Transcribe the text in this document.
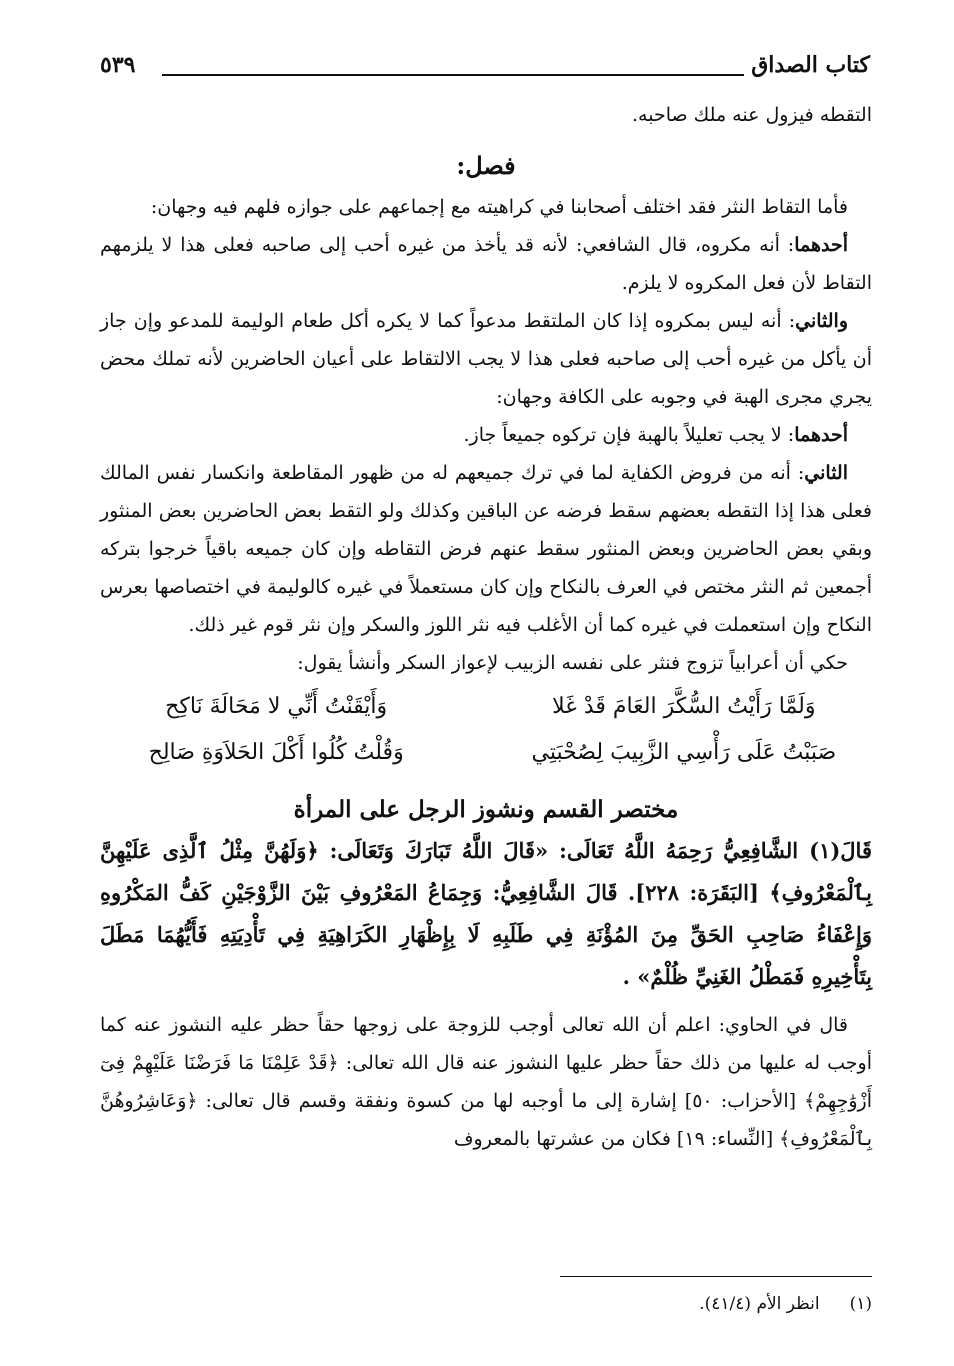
كتاب الصداق
٥٣٩

التقطه فيزول عنه ملك صاحبه.

فصل:

فأما التقاط النثر فقد اختلف أصحابنا في كراهيته مع إجماعهم على جوازه فلهم فيه وجهان:

أحدهما: أنه مكروه، قال الشافعي: لأنه قد يأخذ من غيره أحب إلى صاحبه فعلى هذا لا يلزمهم التقاط لأن فعل المكروه لا يلزم.

والثاني: أنه ليس بمكروه إذا كان الملتقط مدعواً كما لا يكره أكل طعام الوليمة للمدعو وإن جاز أن يأكل من غيره أحب إلى صاحبه فعلى هذا لا يجب الالتقاط على أعيان الحاضرين لأنه تملك محض يجري مجرى الهبة في وجوبه على الكافة وجهان:

أحدهما: لا يجب تعليلاً بالهبة فإن تركوه جميعاً جاز.

الثاني: أنه من فروض الكفاية لما في ترك جميعهم له من ظهور المقاطعة وانكسار نفس المالك فعلى هذا إذا التقطه بعضهم سقط فرضه عن الباقين وكذلك ولو التقط بعض الحاضرين بعض المنثور وبقي بعض الحاضرين وبعض المنثور سقط عنهم فرض التقاطه وإن كان جميعه باقياً خرجوا بتركه أجمعين ثم النثر مختص في العرف بالنكاح وإن كان مستعملاً في غيره كالوليمة في اختصاصها بعرس النكاح وإن استعملت في غيره كما أن الأغلب فيه نثر اللوز والسكر وإن نثر قوم غير ذلك.

حكي أن أعرابياً تزوج فنثر على نفسه الزبيب لإعواز السكر وأنشأ يقول:

وَلَمَّا رَأَيْتُ السُّكَّرَ العَامَ قَدْ غَلا
وَأَيْقَنْتُ أَنِّي لا مَحَالَةَ نَاكِح
صَبَبْتُ عَلَى رَأْسِي الزَّبِيبَ لِصُحْبَتِي
وَقُلْتُ كُلُوا أَكْلَ الحَلاَوَةِ صَالِح
مختصر القسم ونشوز الرجل على المرأة

قَالَ(١) الشَّافِعِيُّ رَحِمَهُ اللَّهُ تَعَالَى: «قَالَ اللَّهُ تَبَارَكَ وَتَعَالَى: ﴿وَلَهُنَّ مِثْلُ ٱلَّذِى عَلَيْهِنَّ بِٱلْمَعْرُوفِ﴾ [البَقَرَة: ٢٢٨]. قَالَ الشَّافِعِيُّ: وَجِمَاعُ المَعْرُوفِ بَيْنَ الزَّوْجَيْنِ كَفُّ المَكْرُوهِ وَإِعْفَاءُ صَاحِبِ الحَقِّ مِنَ المُؤْنَةِ فِي طَلَبِهِ لَا بِإِظْهَارِ الكَرَاهِيَةِ فِي تَأْدِيَتِهِ فَأَيُّهُمَا مَطَلَ بِتَأْخِيرِهِ فَمَطْلُ الغَنِيِّ ظُلْمٌ» .

قال في الحاوي: اعلم أن الله تعالى أوجب للزوجة على زوجها حقاً حظر عليه النشوز عنه كما أوجب له عليها من ذلك حقاً حظر عليها النشوز عنه قال الله تعالى: ﴿قَدْ عَلِمْنَا مَا فَرَضْنَا عَلَيْهِمْ فِىٓ أَزْوَٰجِهِمْ﴾ [الأحزاب: ٥٠] إشارة إلى ما أوجبه لها من كسوة ونفقة وقسم قال تعالى: ﴿وَعَاشِرُوهُنَّ بِٱلْمَعْرُوفِ﴾ [النِّساء: ١٩] فكان من عشرتها بالمعروف

(١)انظر الأم (٤١/٤).
